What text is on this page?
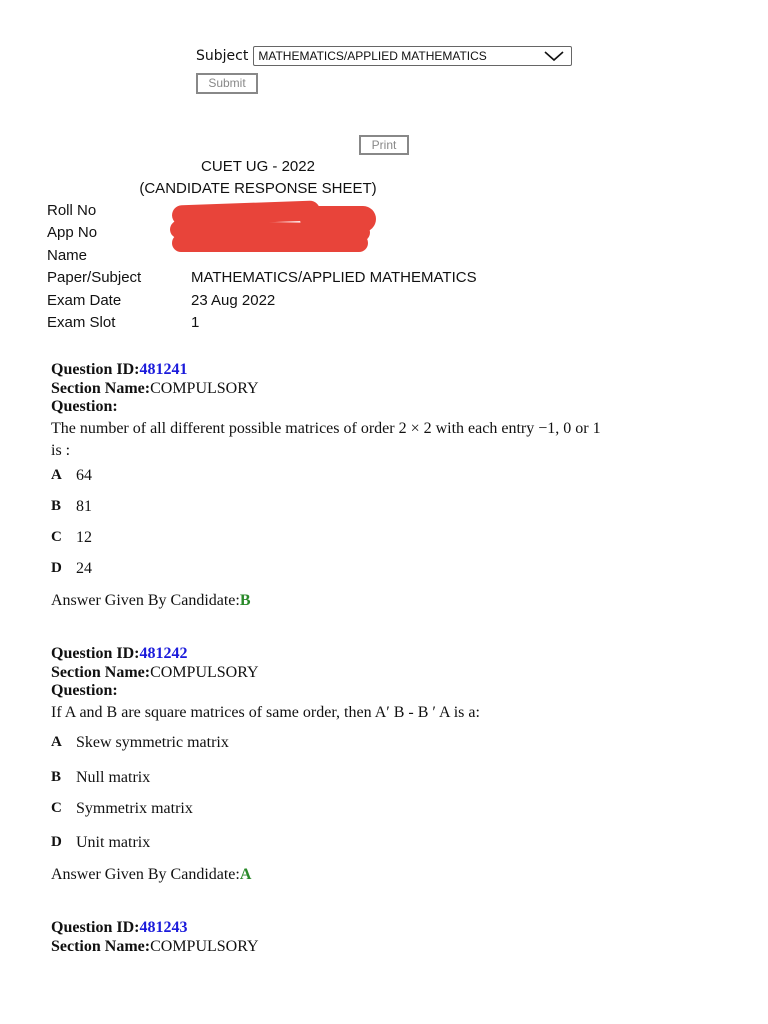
Subject MATHEMATICS/APPLIED MATHEMATICS
Submit
Print
CUET UG - 2022
(CANDIDATE RESPONSE SHEET)
Roll No
App No
Name
Paper/Subject	MATHEMATICS/APPLIED MATHEMATICS
Exam Date	23 Aug 2022
Exam Slot	1
Question ID:481241
Section Name:COMPULSORY
Question:
The number of all different possible matrices of order 2 × 2 with each entry −1, 0 or 1 is :
A 64
B 81
C 12
D 24
Answer Given By Candidate:B
Question ID:481242
Section Name:COMPULSORY
Question:
If A and B are square matrices of same order, then A′ B - B ′ A is a:
A Skew symmetric matrix
B Null matrix
C Symmetrix matrix
D Unit matrix
Answer Given By Candidate:A
Question ID:481243
Section Name:COMPULSORY
